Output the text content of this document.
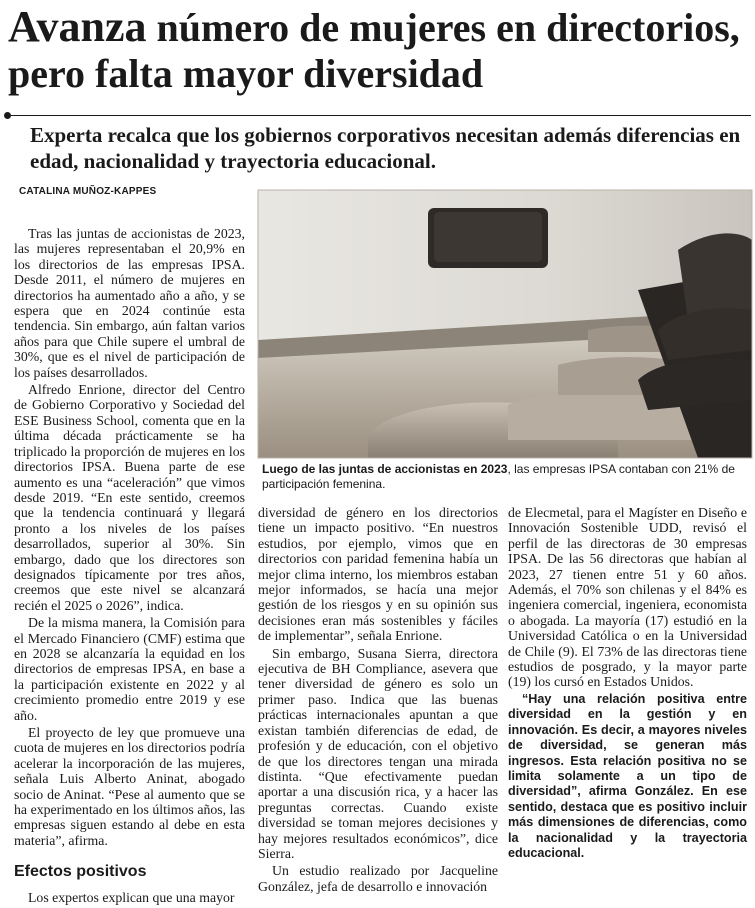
Avanza número de mujeres en directorios, pero falta mayor diversidad
Experta recalca que los gobiernos corporativos necesitan además diferencias en edad, nacionalidad y trayectoria educacional.
CATALINA MUÑOZ-KAPPES

Tras las juntas de accionistas de 2023, las mujeres representaban el 20,9% en los directorios de las empresas IPSA. Desde 2011, el número de mujeres en directorios ha aumentado año a año, y se espera que en 2024 continúe esta tendencia. Sin embargo, aún faltan varios años para que Chile supere el umbral de 30%, que es el nivel de participación de los países desarrollados.

Alfredo Enrione, director del Centro de Gobierno Corporativo y Sociedad del ESE Business School, comenta que en la última década prácticamente se ha triplicado la proporción de mujeres en los directorios IPSA. Buena parte de ese aumento es una “aceleración” que vimos desde 2019. “En este sentido, creemos que la tendencia continuará y llegará pronto a los niveles de los países desarrollados, superior al 30%. Sin embargo, dado que los directores son designados típicamente por tres años, creemos que este nivel se alcanzará recién el 2025 o 2026”, indica.

De la misma manera, la Comisión para el Mercado Financiero (CMF) estima que en 2028 se alcanzaría la equidad en los directorios de empresas IPSA, en base a la participación existente en 2022 y al crecimiento promedio entre 2019 y ese año.

El proyecto de ley que promueve una cuota de mujeres en los directorios podría acelerar la incorporación de las mujeres, señala Luis Alberto Aninat, abogado socio de Aninat. “Pese al aumento que se ha experimentado en los últimos años, las empresas siguen estando al debe en esta materia”, afirma.

Efectos positivos

Los expertos explican que una mayor

Luego de las juntas de accionistas en 2023, las empresas IPSA contaban con 21% de participación femenina.

diversidad de género en los directorios tiene un impacto positivo. “En nuestros estudios, por ejemplo, vimos que en directorios con paridad femenina había un mejor clima interno, los miembros estaban mejor informados, se hacía una mejor gestión de los riesgos y en su opinión sus decisiones eran más sostenibles y fáciles de implementar”, señala Enrione.

Sin embargo, Susana Sierra, directora ejecutiva de BH Compliance, asevera que tener diversidad de género es solo un primer paso. Indica que las buenas prácticas internacionales apuntan a que existan también diferencias de edad, de profesión y de educación, con el objetivo de que los directores tengan una mirada distinta. “Que efectivamente puedan aportar a una discusión rica, y a hacer las preguntas correctas. Cuando existe diversidad se toman mejores decisiones y hay mejores resultados económicos”, dice Sierra.

Un estudio realizado por Jacqueline González, jefa de desarrollo e innovación

de Elecmetal, para el Magíster en Diseño e Innovación Sostenible UDD, revisó el perfil de las directoras de 30 empresas IPSA. De las 56 directoras que habían al 2023, 27 tienen entre 51 y 60 años. Además, el 70% son chilenas y el 84% es ingeniera comercial, ingeniera, economista o abogada. La mayoría (17) estudió en la Universidad Católica o en la Universidad de Chile (9). El 73% de las directoras tiene estudios de posgrado, y la mayor parte (19) los cursó en Estados Unidos.

“Hay una relación positiva entre diversidad en la gestión y en innovación. Es decir, a mayores niveles de diversidad, se generan más ingresos. Esta relación positiva no se limita solamente a un tipo de diversidad”, afirma González. En ese sentido, destaca que es positivo incluir más dimensiones de diferencias, como la nacionalidad y la trayectoria educacional.
